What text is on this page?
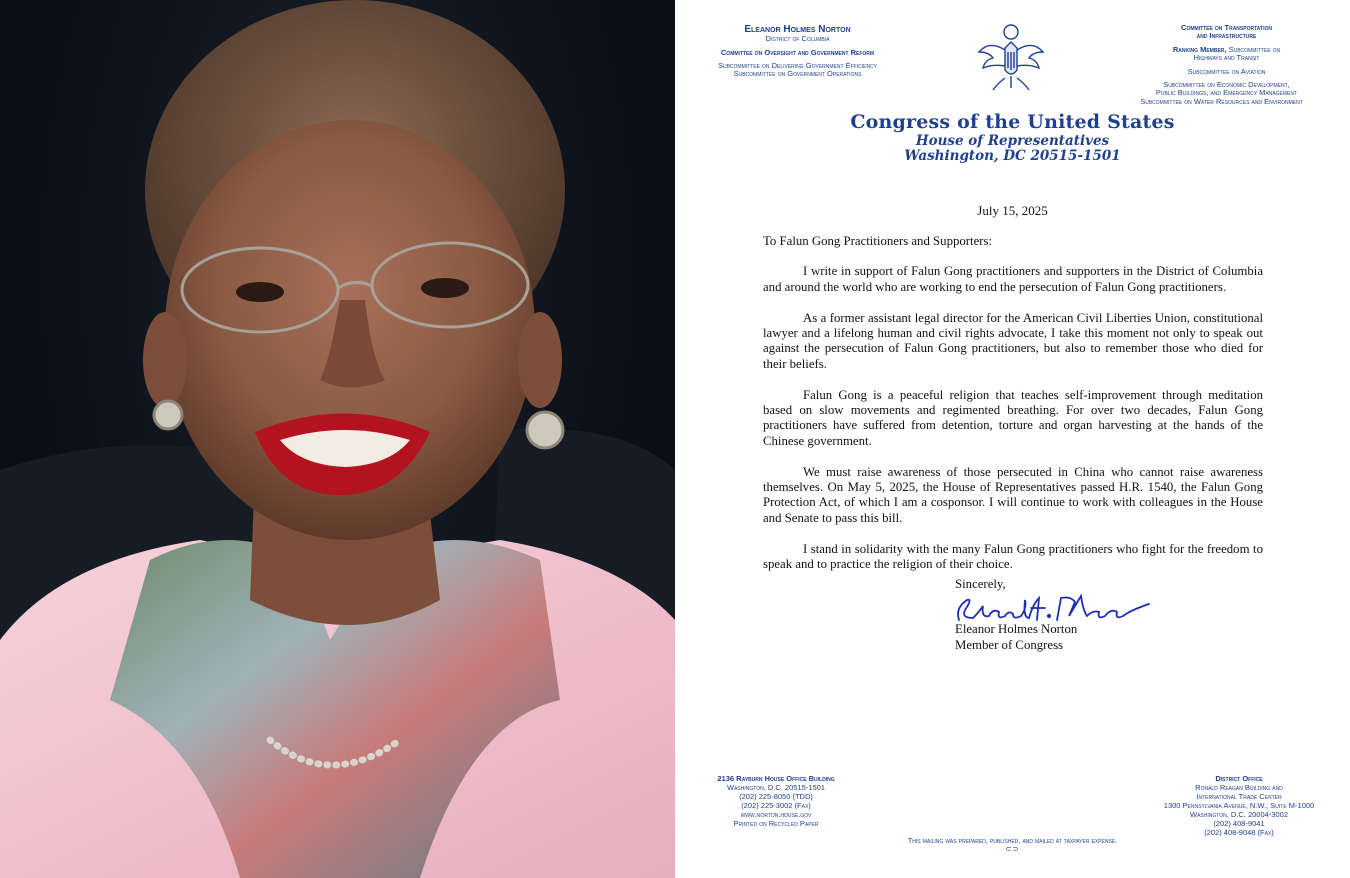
Eleanor Holmes Norton
District of Columbia
Committee on Oversight and Government Reform
Subcommittee on Delivering Government Efficiency
Subcommittee on Government Operations
Committee on Transportation
and Infrastructure
Ranking Member, Subcommittee on
Highways and Transit
Subcommittee on Aviation
Subcommittee on Economic Development,
Public Buildings, and Emergency Management
Subcommittee on Water Resources and Environment
Congress of the United States
House of Representatives
Washington, DC 20515-1501
July 15, 2025

To Falun Gong Practitioners and Supporters:

I write in support of Falun Gong practitioners and supporters in the District of Columbia and around the world who are working to end the persecution of Falun Gong practitioners.

As a former assistant legal director for the American Civil Liberties Union, constitutional lawyer and a lifelong human and civil rights advocate, I take this moment not only to speak out against the persecution of Falun Gong practitioners, but also to remember those who died for their beliefs.

Falun Gong is a peaceful religion that teaches self-improvement through meditation based on slow movements and regimented breathing. For over two decades, Falun Gong practitioners have suffered from detention, torture and organ harvesting at the hands of the Chinese government.

We must raise awareness of those persecuted in China who cannot raise awareness themselves. On May 5, 2025, the House of Representatives passed H.R. 1540, the Falun Gong Protection Act, of which I am a cosponsor. I will continue to work with colleagues in the House and Senate to pass this bill.

I stand in solidarity with the many Falun Gong practitioners who fight for the freedom to speak and to practice the religion of their choice.

Sincerely,
Eleanor Holmes Norton
Member of Congress
2136 Rayburn House Office Building
Washington, D.C. 20515-1501
(202) 225-8050 (TDD)
(202) 225-3002 (Fax)
www.norton.house.gov
Printed on Recycled Paper
District Office
Ronald Reagan Building and
International Trade Center
1300 Pennsylvania Avenue, N.W., Suite M-1000
Washington, D.C. 20004-3002
(202) 408-9041
(202) 408-9048 (Fax)
This mailing was prepared, published, and mailed at taxpayer expense.
⊂⊃
